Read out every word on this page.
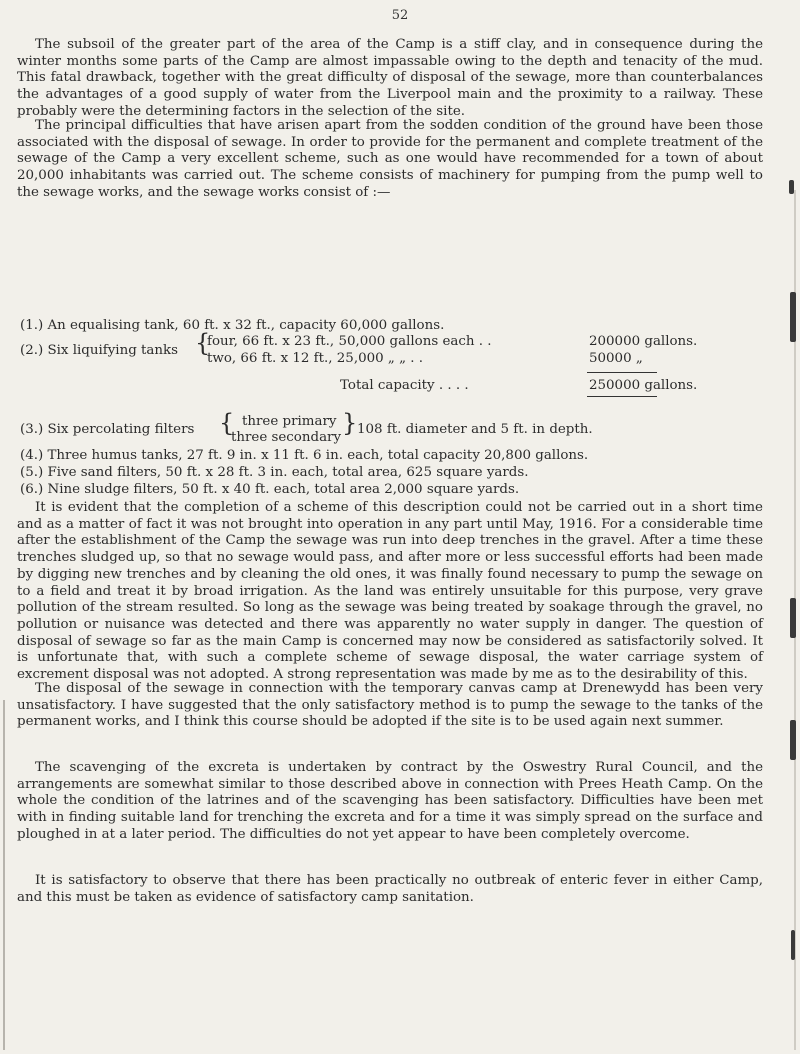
52

The subsoil of the greater part of the area of the Camp is a stiff clay, and in consequence during the winter months some parts of the Camp are almost impassable owing to the depth and tenacity of the mud. This fatal drawback, together with the great difficulty of disposal of the sewage, more than counterbalances the advantages of a good supply of water from the Liverpool main and the proximity to a railway. These probably were the determining factors in the selection of the site.

The principal difficulties that have arisen apart from the sodden condition of the ground have been those associated with the disposal of sewage. In order to provide for the permanent and complete treatment of the sewage of the Camp a very excellent scheme, such as one would have recommended for a town of about 20,000 inhabitants was carried out. The scheme consists of machinery for pumping from the pump well to the sewage works, and the sewage works consist of :—

(1.) An equalising tank, 60 ft. x 32 ft., capacity 60,000 gallons.
(2.) Six liquifying tanks {
four, 66 ft. x 23 ft., 50,000 gallons each . .	200000 gallons.
two, 66 ft. x 12 ft., 25,000 „ „ . .	50000 „
Total capacity . . . .	250000 gallons.
(3.) Six percolating filters { three primary
three secondary
} 108 ft. diameter and 5 ft. in depth.
(4.) Three humus tanks, 27 ft. 9 in. x 11 ft. 6 in. each, total capacity 20,800 gallons.
(5.) Five sand filters, 50 ft. x 28 ft. 3 in. each, total area, 625 square yards.
(6.) Nine sludge filters, 50 ft. x 40 ft. each, total area 2,000 square yards.

It is evident that the completion of a scheme of this description could not be carried out in a short time and as a matter of fact it was not brought into operation in any part until May, 1916. For a considerable time after the establishment of the Camp the sewage was run into deep trenches in the gravel. After a time these trenches sludged up, so that no sewage would pass, and after more or less successful efforts had been made by digging new trenches and by cleaning the old ones, it was finally found necessary to pump the sewage on to a field and treat it by broad irrigation. As the land was entirely unsuitable for this purpose, very grave pollution of the stream resulted. So long as the sewage was being treated by soakage through the gravel, no pollution or nuisance was detected and there was apparently no water supply in danger. The question of disposal of sewage so far as the main Camp is concerned may now be considered as satisfactorily solved. It is unfortunate that, with such a complete scheme of sewage disposal, the water carriage system of excrement disposal was not adopted. A strong representation was made by me as to the desirability of this.

The disposal of the sewage in connection with the temporary canvas camp at Drenewydd has been very unsatisfactory. I have suggested that the only satisfactory method is to pump the sewage to the tanks of the permanent works, and I think this course should be adopted if the site is to be used again next summer.

The scavenging of the excreta is undertaken by contract by the Oswestry Rural Council, and the arrangements are somewhat similar to those described above in connection with Prees Heath Camp. On the whole the condition of the latrines and of the scavenging has been satisfactory. Difficulties have been met with in finding suitable land for trenching the excreta and for a time it was simply spread on the surface and ploughed in at a later period. The difficulties do not yet appear to have been completely overcome.

It is satisfactory to observe that there has been practically no outbreak of enteric fever in either Camp, and this must be taken as evidence of satisfactory camp sanitation.
